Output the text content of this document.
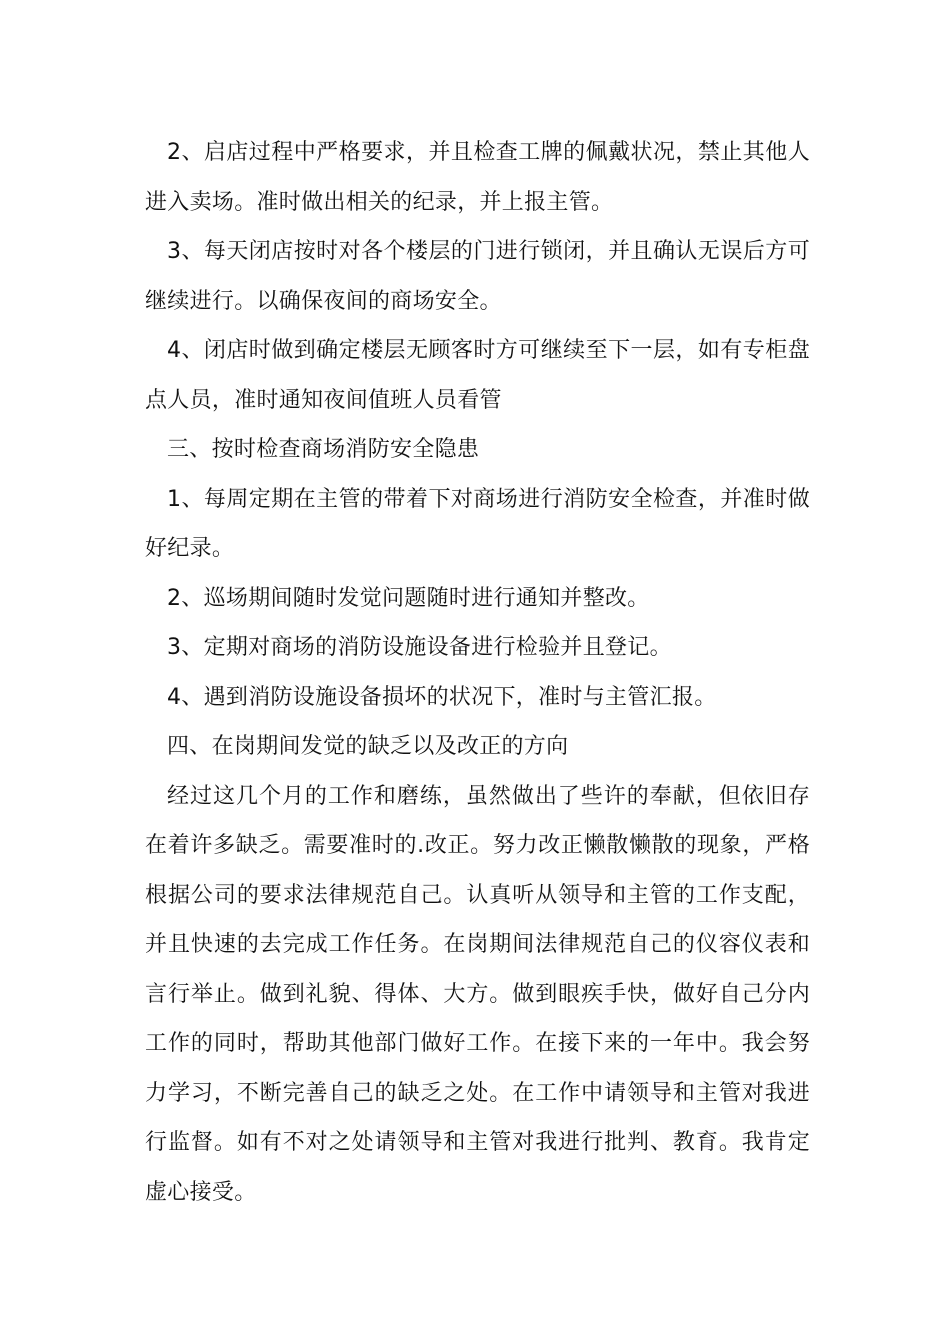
2、启店过程中严格要求，并且检查工牌的佩戴状况，禁止其他人进入卖场。准时做出相关的纪录，并上报主管。

3、每天闭店按时对各个楼层的门进行锁闭，并且确认无误后方可继续进行。以确保夜间的商场安全。

4、闭店时做到确定楼层无顾客时方可继续至下一层，如有专柜盘点人员，准时通知夜间值班人员看管

三、按时检查商场消防安全隐患

1、每周定期在主管的带着下对商场进行消防安全检查，并准时做好纪录。

2、巡场期间随时发觉问题随时进行通知并整改。

3、定期对商场的消防设施设备进行检验并且登记。

4、遇到消防设施设备损坏的状况下，准时与主管汇报。

四、在岗期间发觉的缺乏以及改正的方向

经过这几个月的工作和磨练，虽然做出了些许的奉献，但依旧存在着许多缺乏。需要准时的.改正。努力改正懒散懒散的现象，严格根据公司的要求法律规范自己。认真听从领导和主管的工作支配，并且快速的去完成工作任务。在岗期间法律规范自己的仪容仪表和言行举止。做到礼貌、得体、大方。做到眼疾手快，做好自己分内工作的同时，帮助其他部门做好工作。在接下来的一年中。我会努力学习，不断完善自己的缺乏之处。在工作中请领导和主管对我进行监督。如有不对之处请领导和主管对我进行批判、教育。我肯定虚心接受。
